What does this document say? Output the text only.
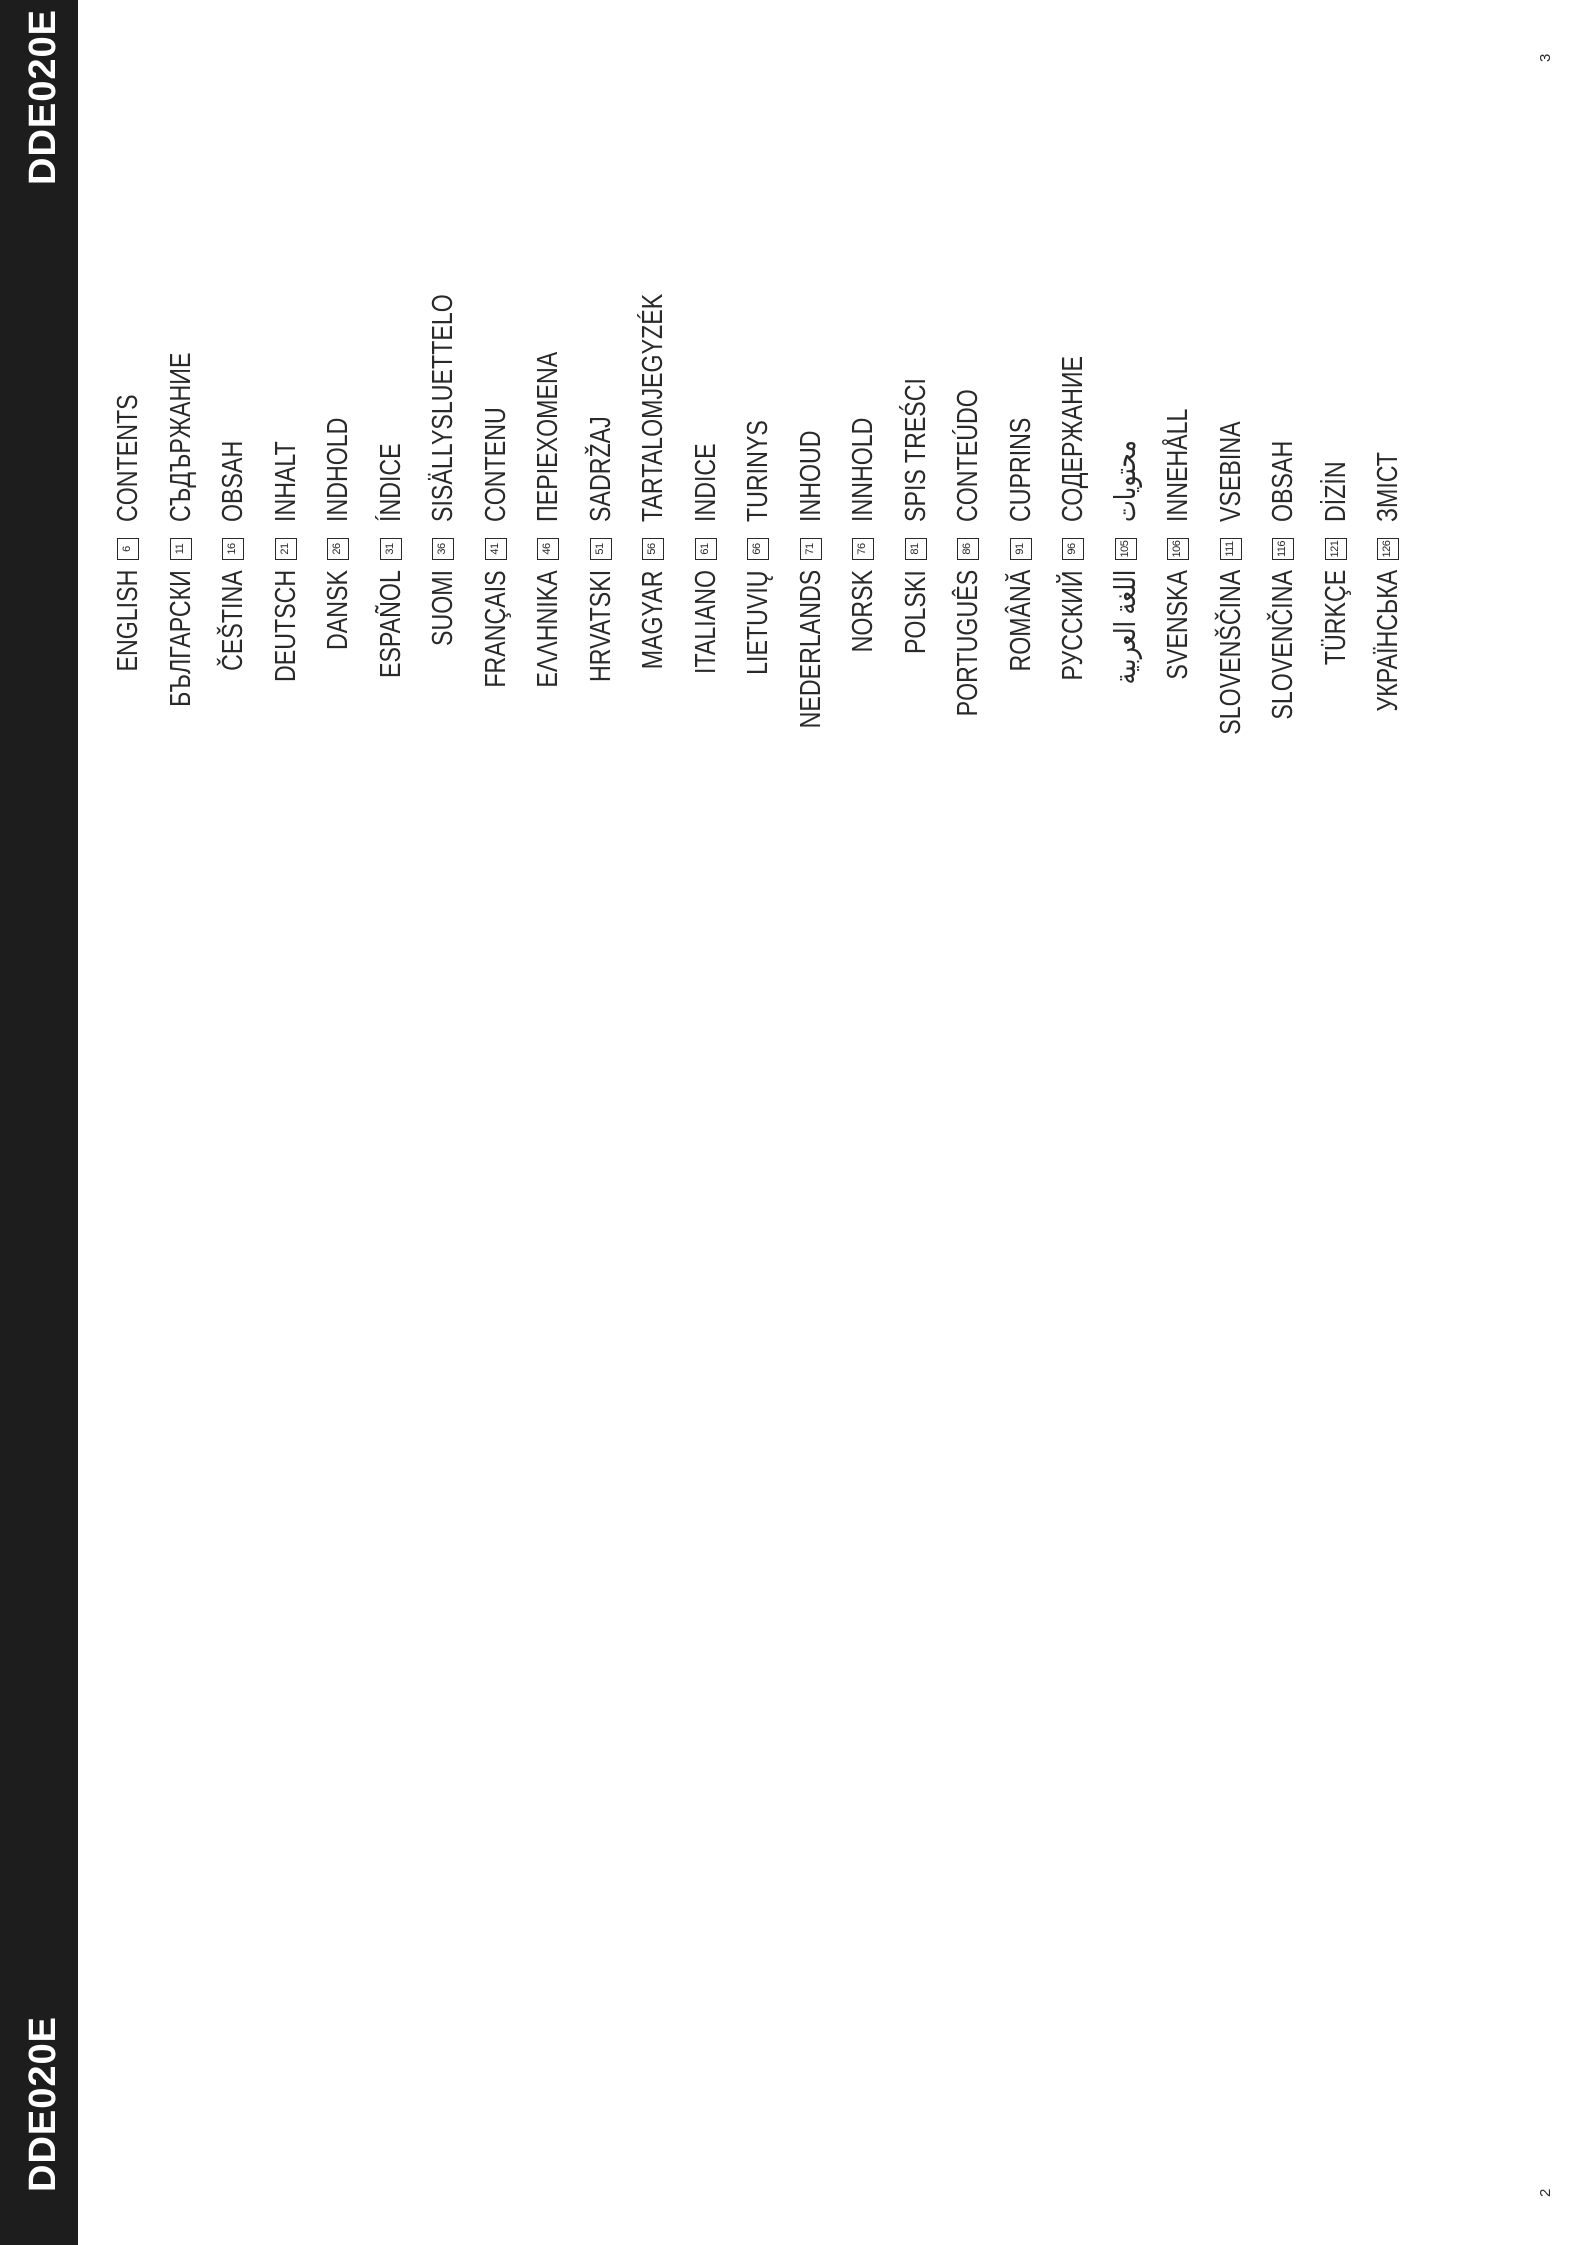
DDE020E
DDE020E
3
2
ENGLISH
6
CONTENTS
БЪЛГАРСКИ
11
СЪДЪРЖАНИЕ
ČEŠTINA
16
OBSAH
DEUTSCH
21
INHALT
DANSK
26
INDHOLD
ESPAÑOL
31
ÍNDICE
SUOMI
36
SISÄLLYSLUETTELO
FRANÇAIS
41
CONTENU
ΕΛΛΗΝΙΚΑ
46
ΠΕΡΙΕΧΟΜΕΝΑ
HRVATSKI
51
SADRŽAJ
MAGYAR
56
TARTALOMJEGYZÉK
ITALIANO
61
INDICE
LIETUVIŲ
66
TURINYS
NEDERLANDS
71
INHOUD
NORSK
76
INNHOLD
POLSKI
81
SPIS TREŚCI
PORTUGUÊS
86
CONTEÚDO
ROMÂNĂ
91
CUPRINS
РУССКИЙ
96
СОДЕРЖАНИЕ
اللغة العربية
105
محتويات
SVENSKA
106
INNEHÅLL
SLOVENŠČINA
111
VSEBINA
SLOVENČINA
116
OBSAH
TÜRKÇE
121
DİZİN
УКРАЇНСЬКА
126
ЗМІСТ
